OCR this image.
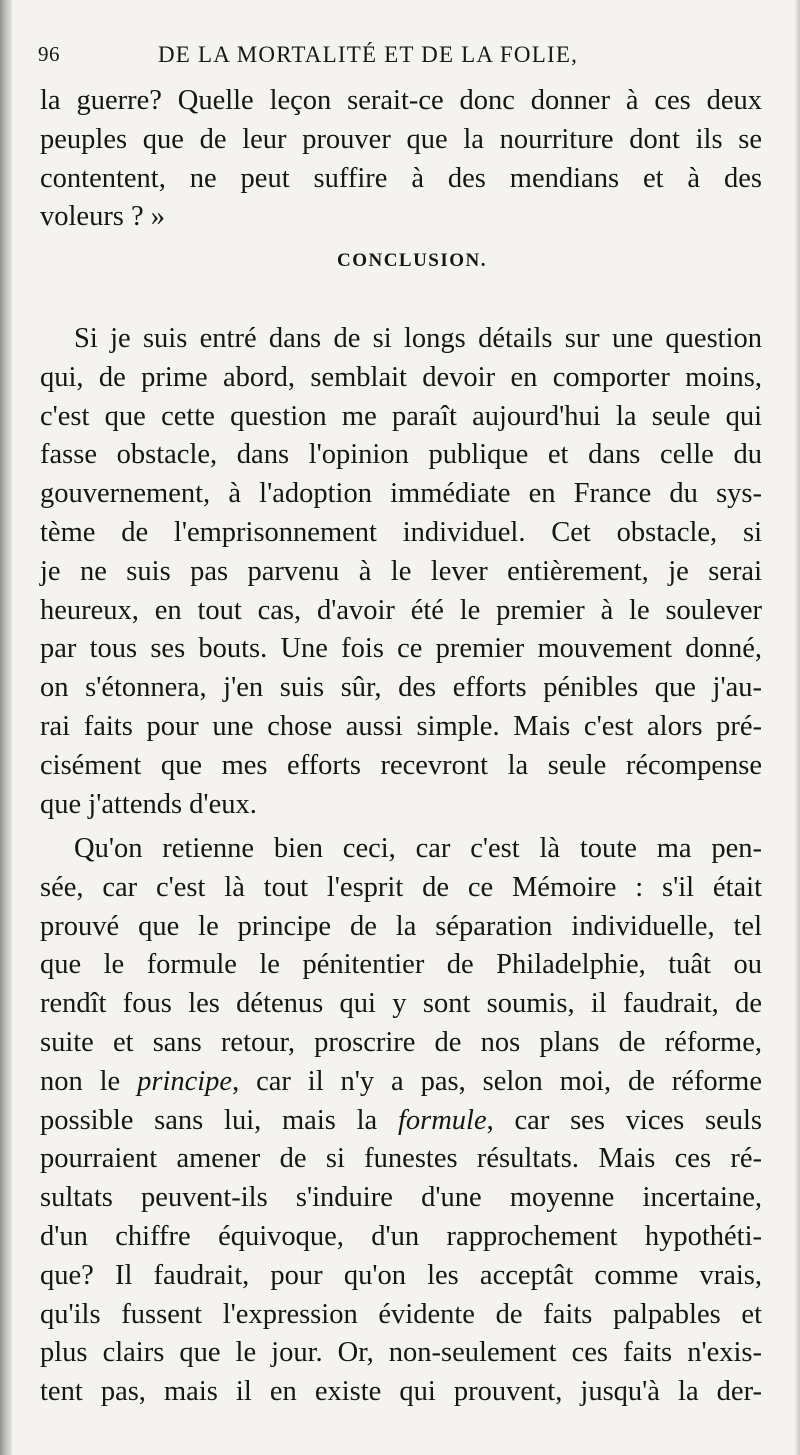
96	DE LA MORTALITÉ ET DE LA FOLIE,
la guerre? Quelle leçon serait-ce donc donner à ces deux
peuples que de leur prouver que la nourriture dont ils se
contentent, ne peut suffire à des mendians et à des
voleurs ? »
CONCLUSION.
Si je suis entré dans de si longs détails sur une question
qui, de prime abord, semblait devoir en comporter moins,
c'est que cette question me paraît aujourd'hui la seule qui
fasse obstacle, dans l'opinion publique et dans celle du
gouvernement, à l'adoption immédiate en France du sys-
tème de l'emprisonnement individuel. Cet obstacle, si
je ne suis pas parvenu à le lever entièrement, je serai
heureux, en tout cas, d'avoir été le premier à le soulever
par tous ses bouts. Une fois ce premier mouvement donné,
on s'étonnera, j'en suis sûr, des efforts pénibles que j'au-
rai faits pour une chose aussi simple. Mais c'est alors pré-
cisément que mes efforts recevront la seule récompense
que j'attends d'eux.
Qu'on retienne bien ceci, car c'est là toute ma pen-
sée, car c'est là tout l'esprit de ce Mémoire : s'il était
prouvé que le principe de la séparation individuelle, tel
que le formule le pénitentier de Philadelphie, tuât ou
rendît fous les détenus qui y sont soumis, il faudrait, de
suite et sans retour, proscrire de nos plans de réforme,
non le principe, car il n'y a pas, selon moi, de réforme
possible sans lui, mais la formule, car ses vices seuls
pourraient amener de si funestes résultats. Mais ces ré-
sultats peuvent-ils s'induire d'une moyenne incertaine,
d'un chiffre équivoque, d'un rapprochement hypothéti-
que? Il faudrait, pour qu'on les acceptât comme vrais,
qu'ils fussent l'expression évidente de faits palpables et
plus clairs que le jour. Or, non-seulement ces faits n'exis-
tent pas, mais il en existe qui prouvent, jusqu'à la der-
